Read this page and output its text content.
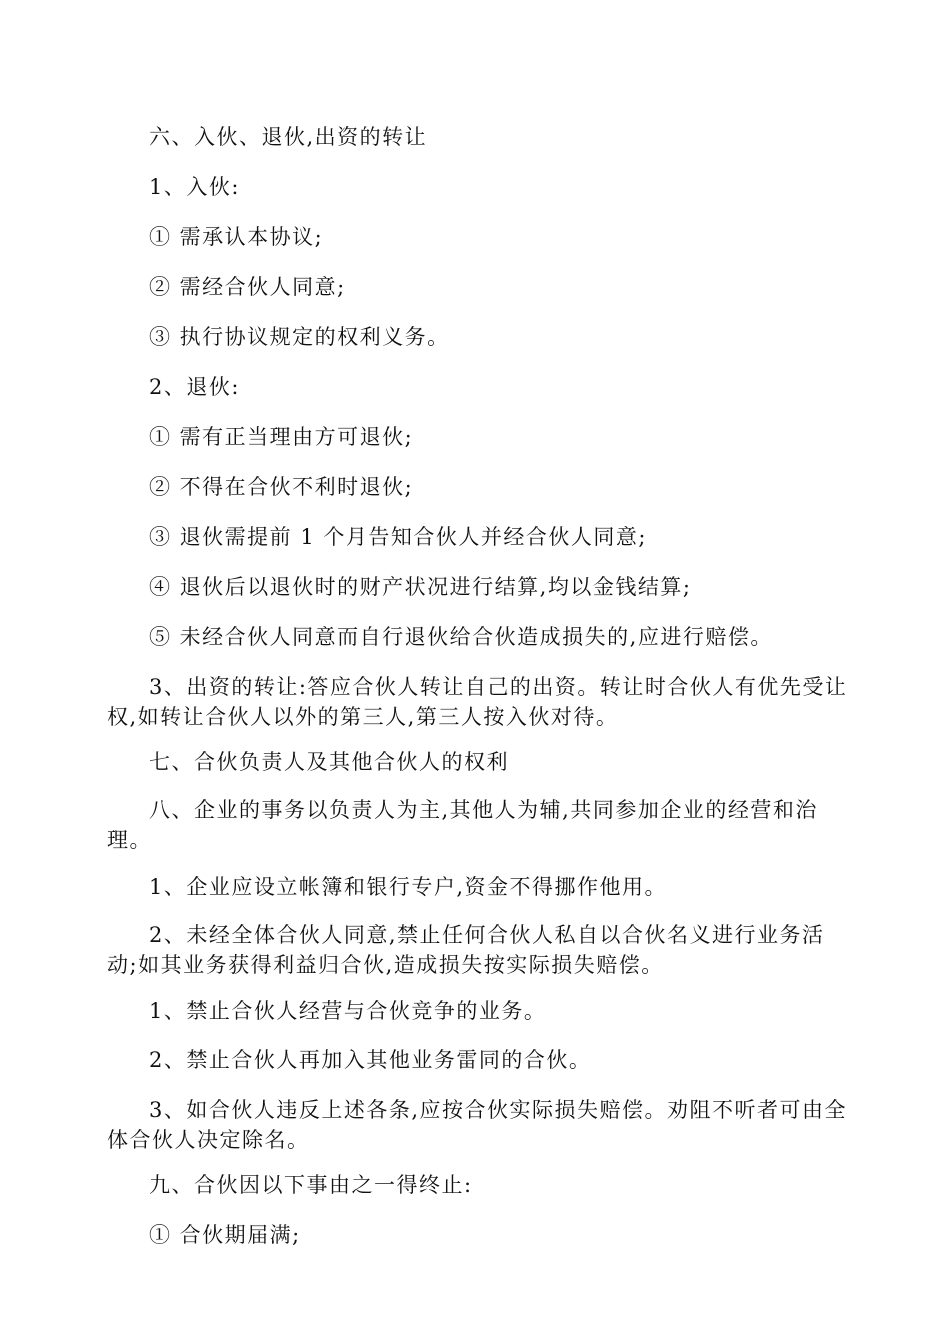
六、入伙、退伙,出资的转让
1、入伙:
① 需承认本协议;
② 需经合伙人同意;
③ 执行协议规定的权利义务。
2、退伙:
① 需有正当理由方可退伙;
② 不得在合伙不利时退伙;
③ 退伙需提前 1 个月告知合伙人并经合伙人同意;
④ 退伙后以退伙时的财产状况进行结算,均以金钱结算;
⑤ 未经合伙人同意而自行退伙给合伙造成损失的,应进行赔偿。
3、出资的转让:答应合伙人转让自己的出资。转让时合伙人有优先受让权,如转让合伙人以外的第三人,第三人按入伙对待。
七、合伙负责人及其他合伙人的权利
八、企业的事务以负责人为主,其他人为辅,共同参加企业的经营和治理。
1、企业应设立帐簿和银行专户,资金不得挪作他用。
2、未经全体合伙人同意,禁止任何合伙人私自以合伙名义进行业务活动;如其业务获得利益归合伙,造成损失按实际损失赔偿。
1、禁止合伙人经营与合伙竞争的业务。
2、禁止合伙人再加入其他业务雷同的合伙。
3、如合伙人违反上述各条,应按合伙实际损失赔偿。劝阻不听者可由全体合伙人决定除名。
九、合伙因以下事由之一得终止:
① 合伙期届满;
